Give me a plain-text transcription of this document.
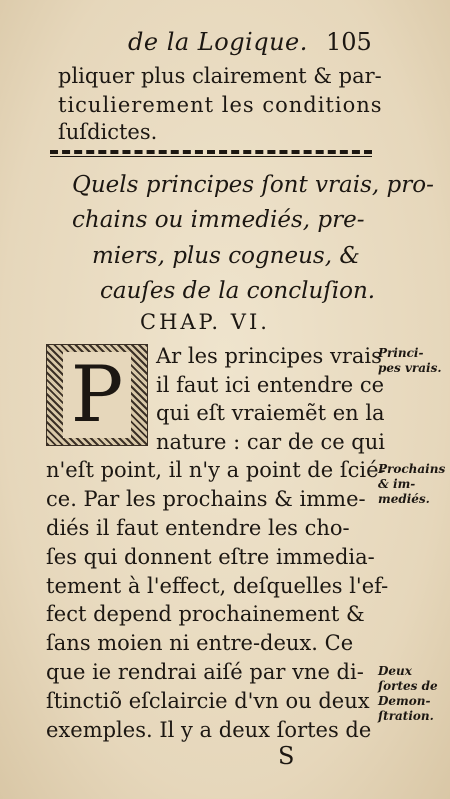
de la Logique. 105
pliquer plus clairement & par-
ticulierement les conditions
ſuſdictes.
Quels principes ſont vrais, pro-
chains ou immediés, pre-
miers, plus cogneus, &
cauſes de la concluſion.
CHAP. VI.
P	Ar les principes vrais
il faut ici entendre ce
qui eſt vraiemẽt en la
nature : car de ce qui
n'eſt point, il n'y a point de ſcié-
ce. Par les prochains & imme-
diés il faut entendre les cho-
ſes qui donnent eſtre immedia-
tement à l'effect, deſquelles l'ef-
fect depend prochainement &
ſans moien ni entre-deux. Ce
que ie rendrai aiſé par vne di-
ſtinctiõ eſclaircie d'vn ou deux
exemples. Il y a deux ſortes de
Princi-
pes vrais.
Prochains
& im-
mediés.
Deux
ſortes de
Demon-
ſtration.
S
